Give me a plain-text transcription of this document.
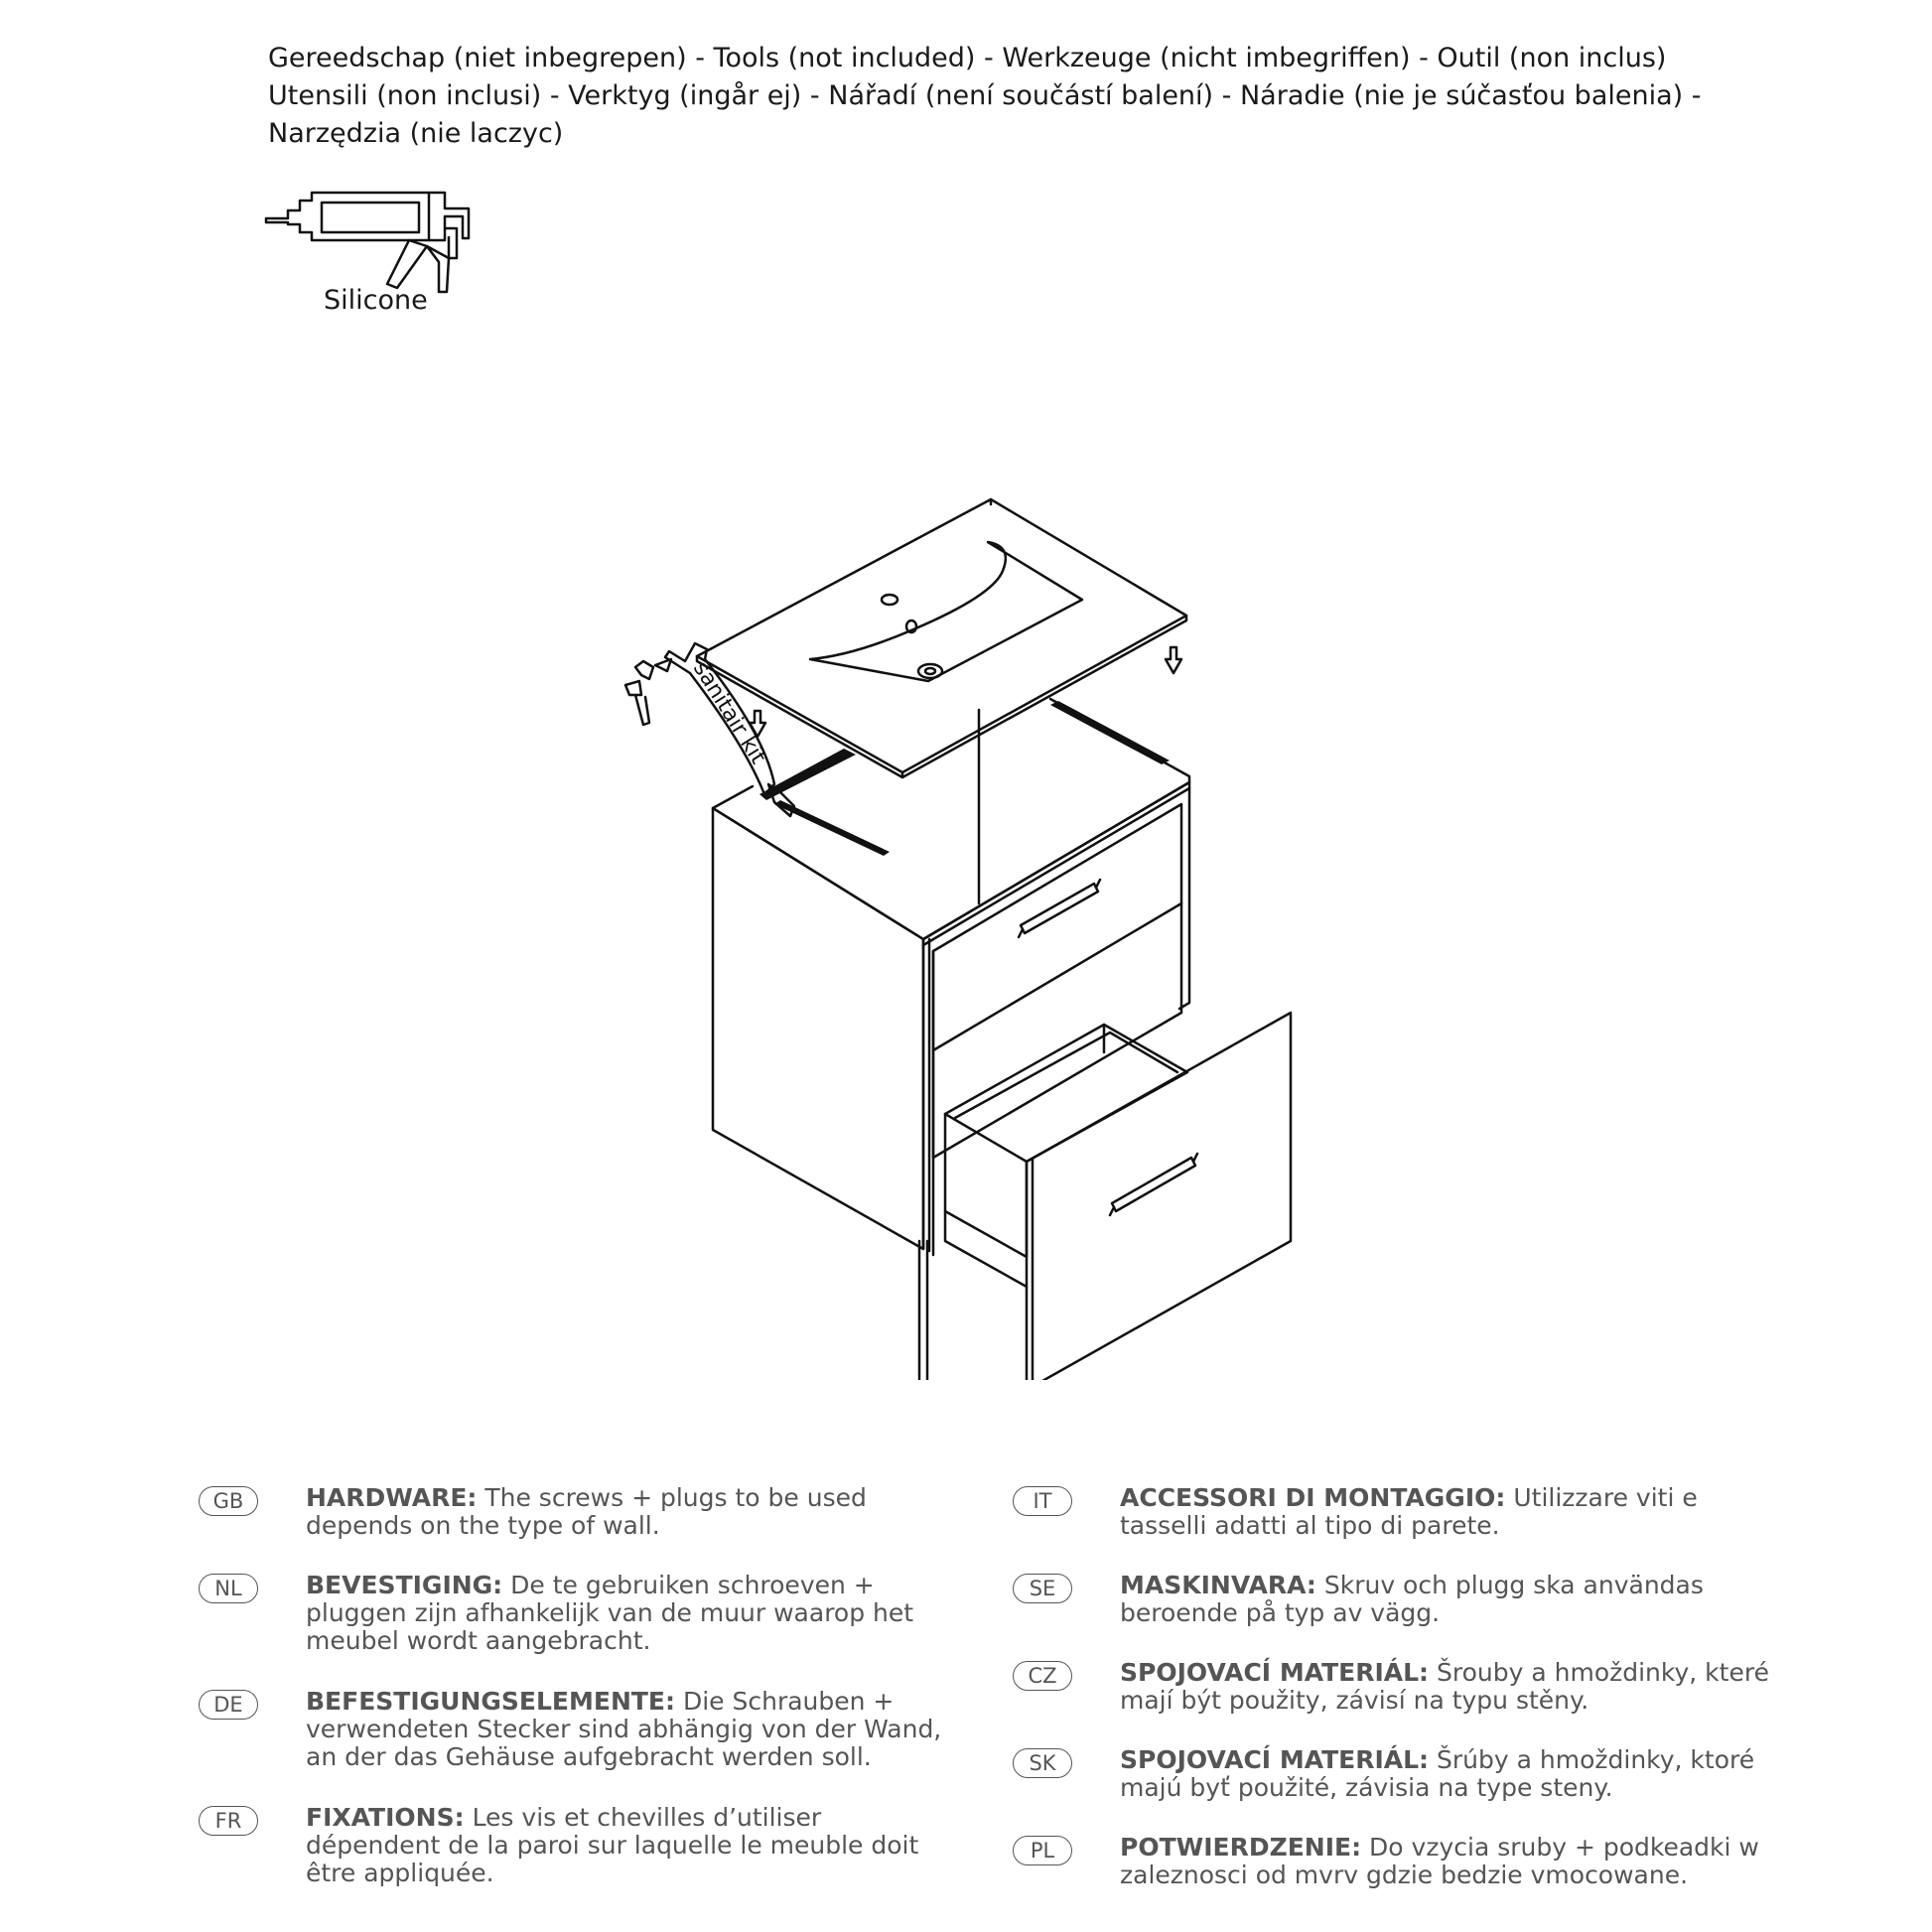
Gereedschap (niet inbegrepen) - Tools (not included) - Werkzeuge (nicht imbegriffen) - Outil (non inclus)
Utensili (non inclusi) - Verktyg (ingår ej) - Nářadí (není součástí balení) - Náradie (nie je súčasťou balenia) -
Narzędzia (nie laczyc)
Silicone
sanitair kit
GB	HARDWARE: The screws + plugs to be used depends on the type of wall.
NL	BEVESTIGING: De te gebruiken schroeven + pluggen zijn afhankelijk van de muur waarop het meubel wordt aangebracht.
DE	BEFESTIGUNGSELEMENTE: Die Schrauben + verwendeten Stecker sind abhängig von der Wand, an der das Gehäuse aufgebracht werden soll.
FR	FIXATIONS: Les vis et chevilles d’utiliser dépendent de la paroi sur laquelle le meuble doit être appliquée.
IT	ACCESSORI DI MONTAGGIO: Utilizzare viti e tasselli adatti al tipo di parete.
SE	MASKINVARA: Skruv och plugg ska användas beroende på typ av vägg.
CZ	SPOJOVACÍ MATERIÁL: Šrouby a hmoždinky, které mají být použity, závisí na typu stěny.
SK	SPOJOVACÍ MATERIÁL: Šrúby a hmoždinky, ktoré majú byť použité, závisia na type steny.
PL	POTWIERDZENIE: Do vzycia sruby + podkeadki w zaleznosci od mvrv gdzie bedzie vmocowane.
